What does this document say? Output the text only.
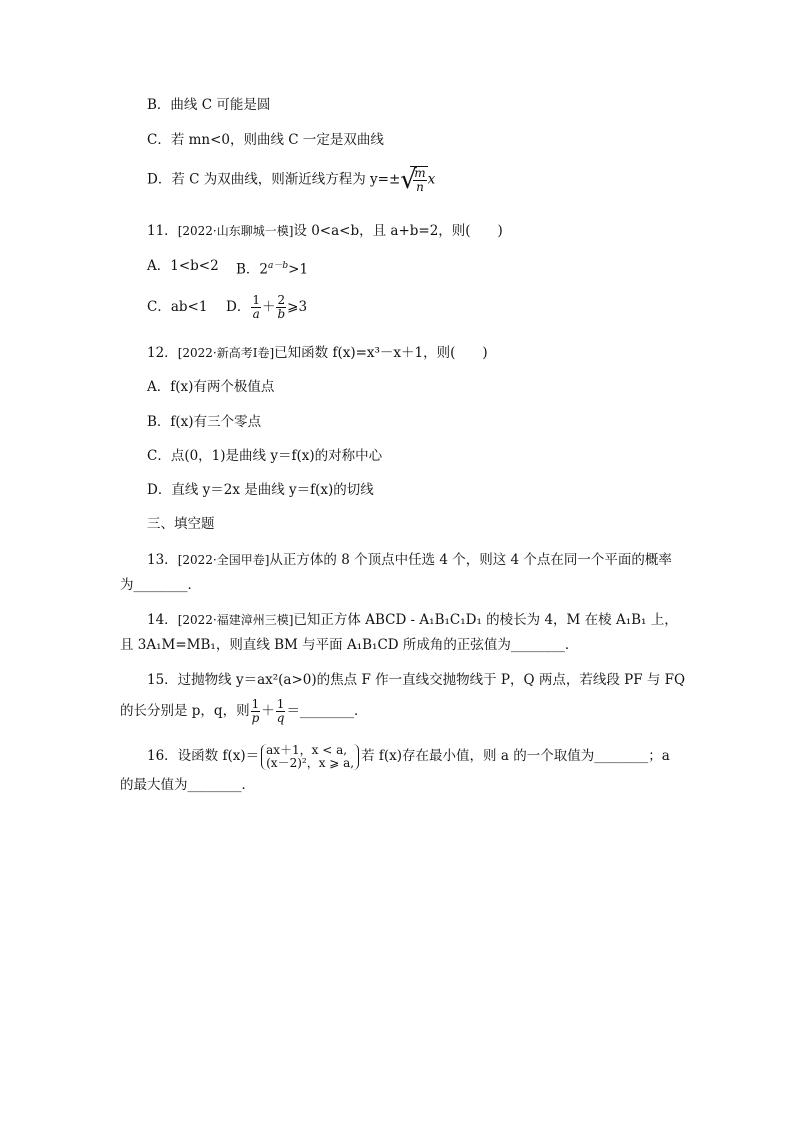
B．曲线 C 可能是圆
C．若 mn<0，则曲线 C 一定是双曲线
D．若 C 为双曲线，则渐近线方程为 y=± √
$\frac{m}{n}$ x
11．[2022·山东聊城一模]设 0<a<b，且 a+b=2，则(　　)
A．1<b<2 B．$2^{a-b}>1$
C．ab<1 D． $\frac{1}{a} + \frac{2}{b}$ ⩾3
12．[2022·新高考Ⅰ卷]已知函数 f(x)=x³－x＋1，则(　　)
A．f(x)有两个极值点
B．f(x)有三个零点
C．点(0，1)是曲线 y＝f(x)的对称中心
D．直线 y＝2x 是曲线 y＝f(x)的切线
三、填空题
13．[2022·全国甲卷]从正方体的 8 个顶点中任选 4 个，则这 4 个点在同一个平面的概率
为________．
14．[2022·福建漳州三模]已知正方体 ABCD - A₁B₁C₁D₁ 的棱长为 4，M 在棱 A₁B₁ 上，
且 3A₁M=MB₁，则直线 BM 与平面 A₁B₁CD 所成角的正弦值为________．
15．过抛物线 y＝ax²(a>0)的焦点 F 作一直线交抛物线于 P，Q 两点，若线段 PF 与 FQ
的长分别是 p，q，则 $\frac{1}{p} + \frac{1}{q}$ ＝________．
16．设函数 f(x)＝ ax＋1，x < a,
(x－2)²，x ⩾ a, 若 f(x)存在最小值，则 a 的一个取值为________；a
的最大值为________．
